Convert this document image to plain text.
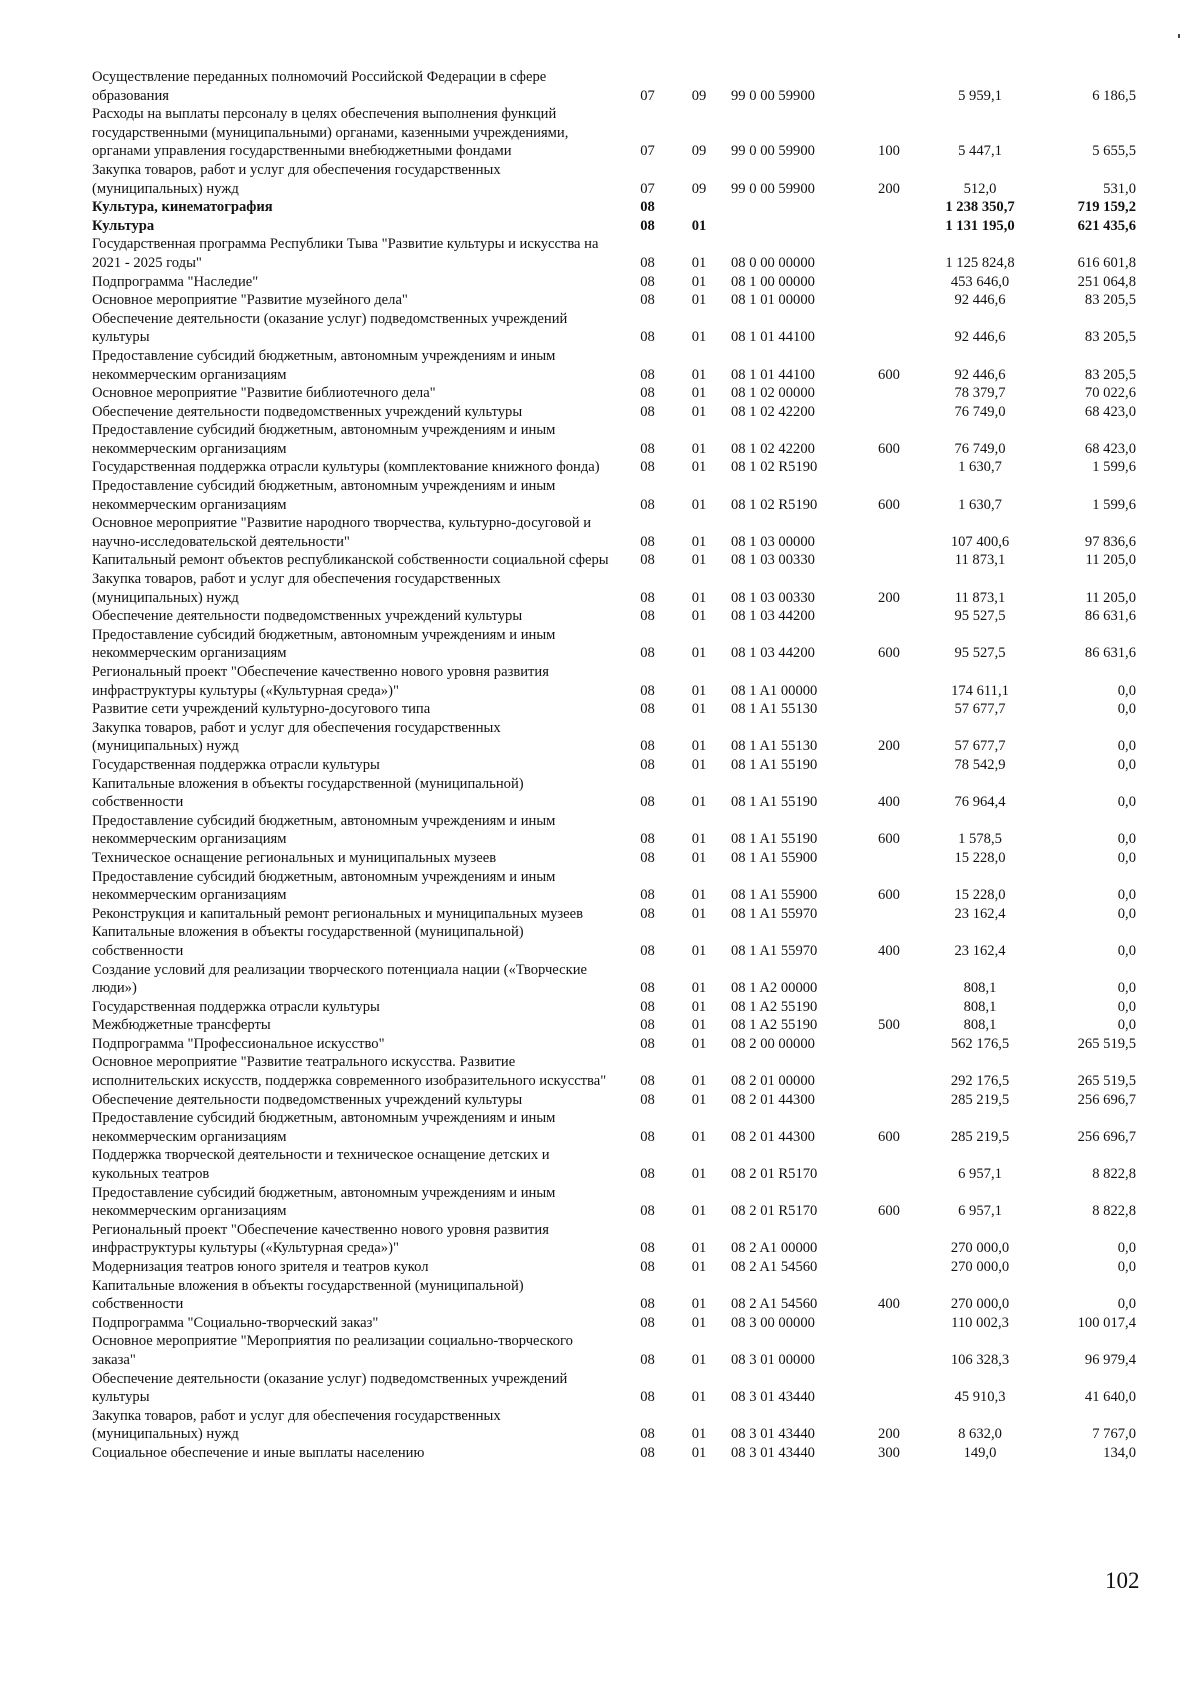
Осуществление переданных полномочий Российской Федерации в сфере образования	07	09	99 0 00 59900		5 959,1	6 186,5
Расходы на выплаты персоналу в целях обеспечения выполнения функций государственными (муниципальными) органами, казенными учреждениями, органами управления государственными внебюджетными фондами	07	09	99 0 00 59900	100	5 447,1	5 655,5
Закупка товаров, работ и услуг для обеспечения государственных (муниципальных) нужд	07	09	99 0 00 59900	200	512,0	531,0
Культура, кинематография	08				1 238 350,7	719 159,2
Культура	08	01			1 131 195,0	621 435,6
Государственная программа Республики Тыва "Развитие культуры и искусства на 2021 - 2025 годы"	08	01	08 0 00 00000		1 125 824,8	616 601,8
Подпрограмма "Наследие"	08	01	08 1 00 00000		453 646,0	251 064,8
Основное мероприятие "Развитие музейного дела"	08	01	08 1 01 00000		92 446,6	83 205,5
Обеспечение деятельности (оказание услуг) подведомственных учреждений культуры	08	01	08 1 01 44100		92 446,6	83 205,5
Предоставление субсидий бюджетным, автономным учреждениям и иным некоммерческим организациям	08	01	08 1 01 44100	600	92 446,6	83 205,5
Основное мероприятие "Развитие библиотечного дела"	08	01	08 1 02 00000		78 379,7	70 022,6
Обеспечение деятельности подведомственных учреждений культуры	08	01	08 1 02 42200		76 749,0	68 423,0
Предоставление субсидий бюджетным, автономным учреждениям и иным некоммерческим организациям	08	01	08 1 02 42200	600	76 749,0	68 423,0
Государственная поддержка отрасли культуры (комплектование книжного фонда)	08	01	08 1 02 R5190		1 630,7	1 599,6
Предоставление субсидий бюджетным, автономным учреждениям и иным некоммерческим организациям	08	01	08 1 02 R5190	600	1 630,7	1 599,6
Основное мероприятие "Развитие народного творчества, культурно-досуговой и научно-исследовательской деятельности"	08	01	08 1 03 00000		107 400,6	97 836,6
Капитальный ремонт объектов республиканской собственности социальной сферы	08	01	08 1 03 00330		11 873,1	11 205,0
Закупка товаров, работ и услуг для обеспечения государственных (муниципальных) нужд	08	01	08 1 03 00330	200	11 873,1	11 205,0
Обеспечение деятельности подведомственных учреждений культуры	08	01	08 1 03 44200		95 527,5	86 631,6
Предоставление субсидий бюджетным, автономным учреждениям и иным некоммерческим организациям	08	01	08 1 03 44200	600	95 527,5	86 631,6
Региональный проект "Обеспечение качественно нового уровня развития инфраструктуры культуры («Культурная среда»)"	08	01	08 1 A1 00000		174 611,1	0,0
Развитие сети учреждений культурно-досугового типа	08	01	08 1 A1 55130		57 677,7	0,0
Закупка товаров, работ и услуг для обеспечения государственных (муниципальных) нужд	08	01	08 1 A1 55130	200	57 677,7	0,0
Государственная поддержка отрасли культуры	08	01	08 1 A1 55190		78 542,9	0,0
Капитальные вложения в объекты государственной (муниципальной) собственности	08	01	08 1 A1 55190	400	76 964,4	0,0
Предоставление субсидий бюджетным, автономным учреждениям и иным некоммерческим организациям	08	01	08 1 A1 55190	600	1 578,5	0,0
Техническое оснащение региональных и муниципальных музеев	08	01	08 1 A1 55900		15 228,0	0,0
Предоставление субсидий бюджетным, автономным учреждениям и иным некоммерческим организациям	08	01	08 1 A1 55900	600	15 228,0	0,0
Реконструкция и капитальный ремонт региональных и муниципальных музеев	08	01	08 1 A1 55970		23 162,4	0,0
Капитальные вложения в объекты государственной (муниципальной) собственности	08	01	08 1 A1 55970	400	23 162,4	0,0
Создание условий для реализации творческого потенциала нации («Творческие люди»)	08	01	08 1 A2 00000		808,1	0,0
Государственная поддержка отрасли культуры	08	01	08 1 A2 55190		808,1	0,0
Межбюджетные трансферты	08	01	08 1 A2 55190	500	808,1	0,0
Подпрограмма "Профессиональное искусство"	08	01	08 2 00 00000		562 176,5	265 519,5
Основное мероприятие "Развитие театрального искусства. Развитие исполнительских искусств, поддержка современного изобразительного искусства"	08	01	08 2 01 00000		292 176,5	265 519,5
Обеспечение деятельности подведомственных учреждений культуры	08	01	08 2 01 44300		285 219,5	256 696,7
Предоставление субсидий бюджетным, автономным учреждениям и иным некоммерческим организациям	08	01	08 2 01 44300	600	285 219,5	256 696,7
Поддержка творческой деятельности и техническое оснащение детских и кукольных театров	08	01	08 2 01 R5170		6 957,1	8 822,8
Предоставление субсидий бюджетным, автономным учреждениям и иным некоммерческим организациям	08	01	08 2 01 R5170	600	6 957,1	8 822,8
Региональный проект "Обеспечение качественно нового уровня развития инфраструктуры культуры («Культурная среда»)"	08	01	08 2 A1 00000		270 000,0	0,0
Модернизация театров юного зрителя и театров кукол	08	01	08 2 A1 54560		270 000,0	0,0
Капитальные вложения в объекты государственной (муниципальной) собственности	08	01	08 2 A1 54560	400	270 000,0	0,0
Подпрограмма "Социально-творческий заказ"	08	01	08 3 00 00000		110 002,3	100 017,4
Основное мероприятие "Мероприятия по реализации социально-творческого заказа"	08	01	08 3 01 00000		106 328,3	96 979,4
Обеспечение деятельности (оказание услуг) подведомственных учреждений культуры	08	01	08 3 01 43440		45 910,3	41 640,0
Закупка товаров, работ и услуг для обеспечения государственных (муниципальных) нужд	08	01	08 3 01 43440	200	8 632,0	7 767,0
Социальное обеспечение и иные выплаты населению	08	01	08 3 01 43440	300	149,0	134,0
102
